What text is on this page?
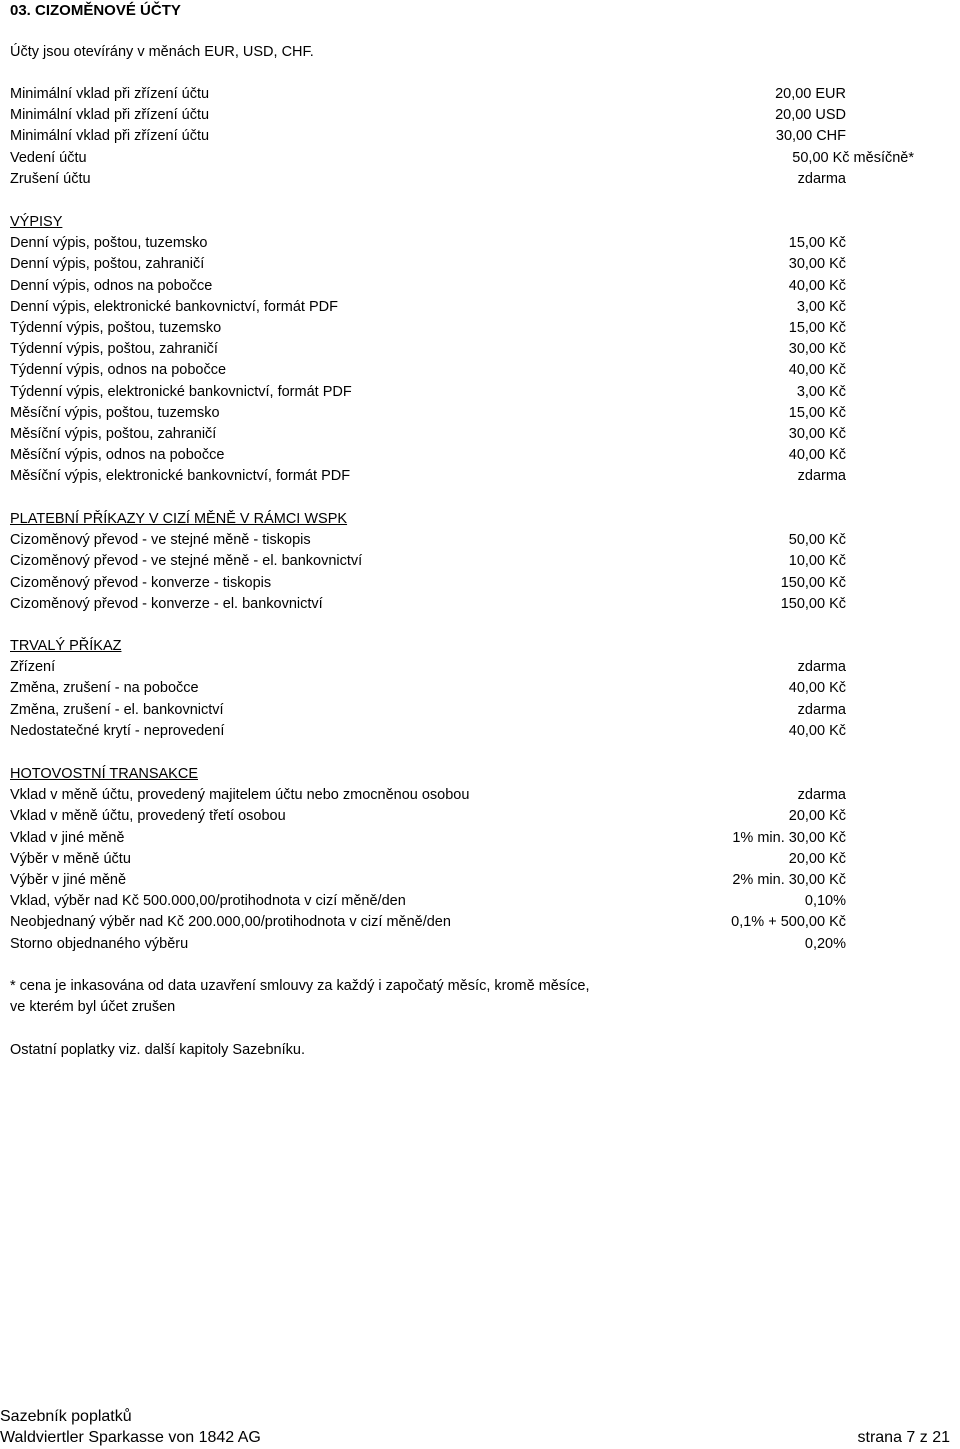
03. CIZOMĚNOVÉ ÚČTY
Účty jsou otevírány v měnách EUR, USD, CHF.
Minimální vklad při zřízení účtu	20,00 EUR
Minimální vklad při zřízení účtu	20,00 USD
Minimální vklad při zřízení účtu	30,00 CHF
Vedení účtu	50,00 Kč měsíčně*
Zrušení účtu	zdarma
VÝPISY
Denní výpis, poštou, tuzemsko	15,00 Kč
Denní výpis, poštou, zahraničí	30,00 Kč
Denní výpis, odnos na pobočce	40,00 Kč
Denní výpis, elektronické bankovnictví, formát PDF	3,00 Kč
Týdenní výpis, poštou, tuzemsko	15,00 Kč
Týdenní výpis, poštou, zahraničí	30,00 Kč
Týdenní výpis, odnos na pobočce	40,00 Kč
Týdenní výpis, elektronické bankovnictví, formát PDF	3,00 Kč
Měsíční výpis, poštou, tuzemsko	15,00 Kč
Měsíční výpis, poštou, zahraničí	30,00 Kč
Měsíční výpis, odnos na pobočce	40,00 Kč
Měsíční výpis, elektronické bankovnictví, formát PDF	zdarma
PLATEBNÍ PŘÍKAZY V CIZÍ MĚNĚ V RÁMCI WSPK
Cizoměnový převod - ve stejné měně - tiskopis	50,00 Kč
Cizoměnový převod - ve stejné měně - el. bankovnictví	10,00 Kč
Cizoměnový převod - konverze - tiskopis	150,00 Kč
Cizoměnový převod - konverze - el. bankovnictví	150,00 Kč
TRVALÝ PŘÍKAZ
Zřízení	zdarma
Změna, zrušení - na pobočce	40,00 Kč
Změna, zrušení - el. bankovnictví	zdarma
Nedostatečné krytí - neprovedení	40,00 Kč
HOTOVOSTNÍ TRANSAKCE
Vklad v měně účtu, provedený majitelem účtu nebo zmocněnou osobou	zdarma
Vklad v měně účtu, provedený třetí osobou	20,00 Kč
Vklad v jiné měně	1% min. 30,00 Kč
Výběr v měně účtu	20,00 Kč
Výběr v jiné měně	2% min. 30,00 Kč
Vklad, výběr nad Kč 500.000,00/protihodnota v cizí měně/den	0,10%
Neobjednaný výběr nad Kč 200.000,00/protihodnota v cizí měně/den	0,1% + 500,00 Kč
Storno objednaného výběru	0,20%
* cena je inkasována od data uzavření smlouvy za každý i započatý měsíc, kromě měsíce,
ve kterém byl účet zrušen
Ostatní poplatky viz. další kapitoly Sazebníku.
Sazebník poplatků
Waldviertler Sparkasse von 1842 AG	strana 7 z 21
